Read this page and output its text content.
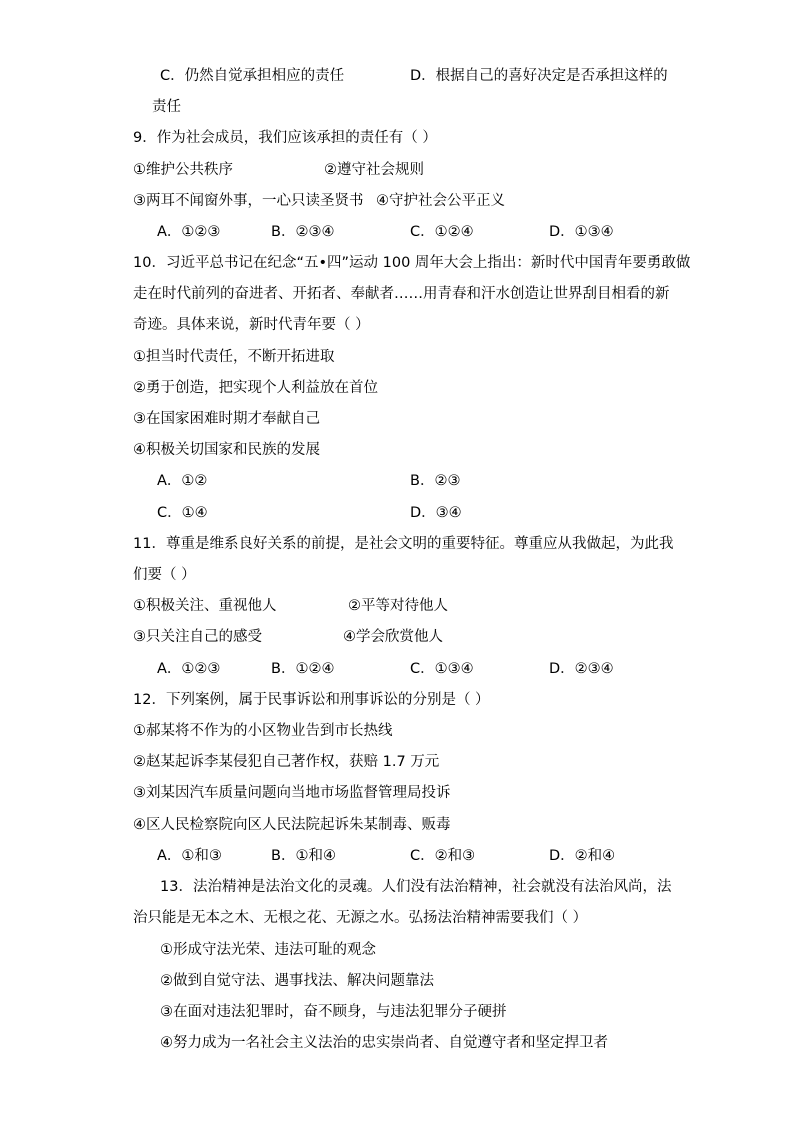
C．仍然自觉承担相应的责任	D．根据自己的喜好决定是否承担这样的
责任
9．作为社会成员，我们应该承担的责任有（ ）
①维护公共秩序	②遵守社会规则
③两耳不闻窗外事，一心只读圣贤书 ④守护社会公平正义
A．①②③	B．②③④	C．①②④	D．①③④
10．习近平总书记在纪念“五•四”运动 100 周年大会上指出：新时代中国青年要勇敢做
走在时代前列的奋进者、开拓者、奉献者……用青春和汗水创造让世界刮目相看的新
奇迹。具体来说，新时代青年要（ ）
①担当时代责任，不断开拓进取
②勇于创造，把实现个人利益放在首位
③在国家困难时期才奉献自己
④积极关切国家和民族的发展
A．①②	B．②③
C．①④	D．③④
11．尊重是维系良好关系的前提，是社会文明的重要特征。尊重应从我做起，为此我
们要（ ）
①积极关注、重视他人	②平等对待他人
③只关注自己的感受	④学会欣赏他人
A．①②③	B．①②④	C．①③④	D．②③④
12．下列案例，属于民事诉讼和刑事诉讼的分别是（ ）
①郝某将不作为的小区物业告到市长热线
②赵某起诉李某侵犯自己著作权，获赔 1.7 万元
③刘某因汽车质量问题向当地市场监督管理局投诉
④区人民检察院向区人民法院起诉朱某制毒、贩毒
A．①和③	B．①和④	C．②和③	D．②和④
13．法治精神是法治文化的灵魂。人们没有法治精神，社会就没有法治风尚，法
治只能是无本之木、无根之花、无源之水。弘扬法治精神需要我们（ ）
①形成守法光荣、违法可耻的观念
②做到自觉守法、遇事找法、解决问题靠法
③在面对违法犯罪时，奋不顾身，与违法犯罪分子硬拼
④努力成为一名社会主义法治的忠实崇尚者、自觉遵守者和坚定捍卫者
